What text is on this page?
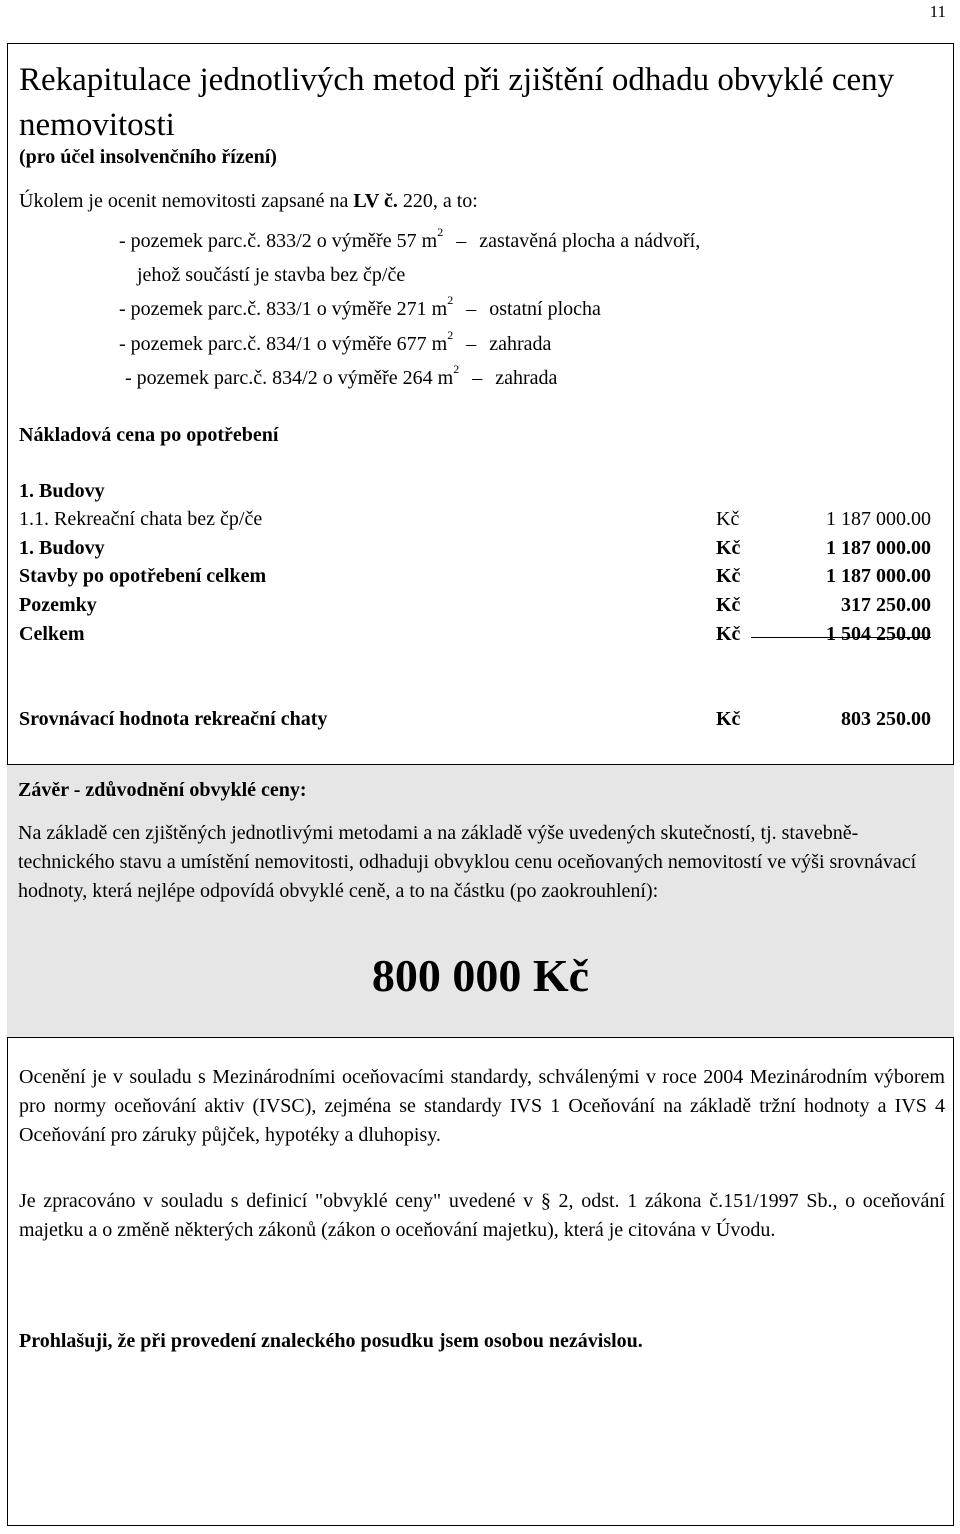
11
Rekapitulace jednotlivých metod při zjištění odhadu obvyklé ceny nemovitosti
(pro účel insolvenčního řízení)
Úkolem je ocenit nemovitosti zapsané na LV č. 220, a to:
- pozemek parc.č. 833/2 o výměře 57 $m^2$ – zastavěná plocha a nádvoří,
jehož součástí je stavba bez čp/če
- pozemek parc.č. 833/1 o výměře 271 $m^2$ – ostatní plocha
- pozemek parc.č. 834/1 o výměře 677 $m^2$ – zahrada
- pozemek parc.č. 834/2 o výměře 264 $m^2$ – zahrada
Nákladová cena po opotřebení
1. Budovy
1.1. Rekreační chata bez čp/če	Kč	1 187 000.00
1. Budovy	Kč	1 187 000.00
Stavby po opotřebení celkem	Kč	1 187 000.00
Pozemky	Kč	317 250.00
Celkem	Kč	1 504 250.00
Srovnávací hodnota rekreační chaty	Kč	803 250.00
Závěr - zdůvodnění obvyklé ceny:
Na základě cen zjištěných jednotlivými metodami a na základě výše uvedených skutečností, tj. stavebně-technického stavu a umístění nemovitosti, odhaduji obvyklou cenu oceňovaných nemovitostí ve výši srovnávací hodnoty, která nejlépe odpovídá obvyklé ceně, a to na částku (po zaokrouhlení):
800 000 Kč
Ocenění je v souladu s Mezinárodními oceňovacími standardy, schválenými v roce 2004 Mezinárodním výborem pro normy oceňování aktiv (IVSC), zejména se standardy IVS 1 Oceňování na základě tržní hodnoty a IVS 4 Oceňování pro záruky půjček, hypotéky a dluhopisy.
Je zpracováno v souladu s definicí "obvyklé ceny" uvedené v § 2, odst. 1 zákona č.151/1997 Sb., o oceňování majetku a o změně některých zákonů (zákon o oceňování majetku), která je citována v Úvodu.
Prohlašuji, že při provedení znaleckého posudku jsem osobou nezávislou.
